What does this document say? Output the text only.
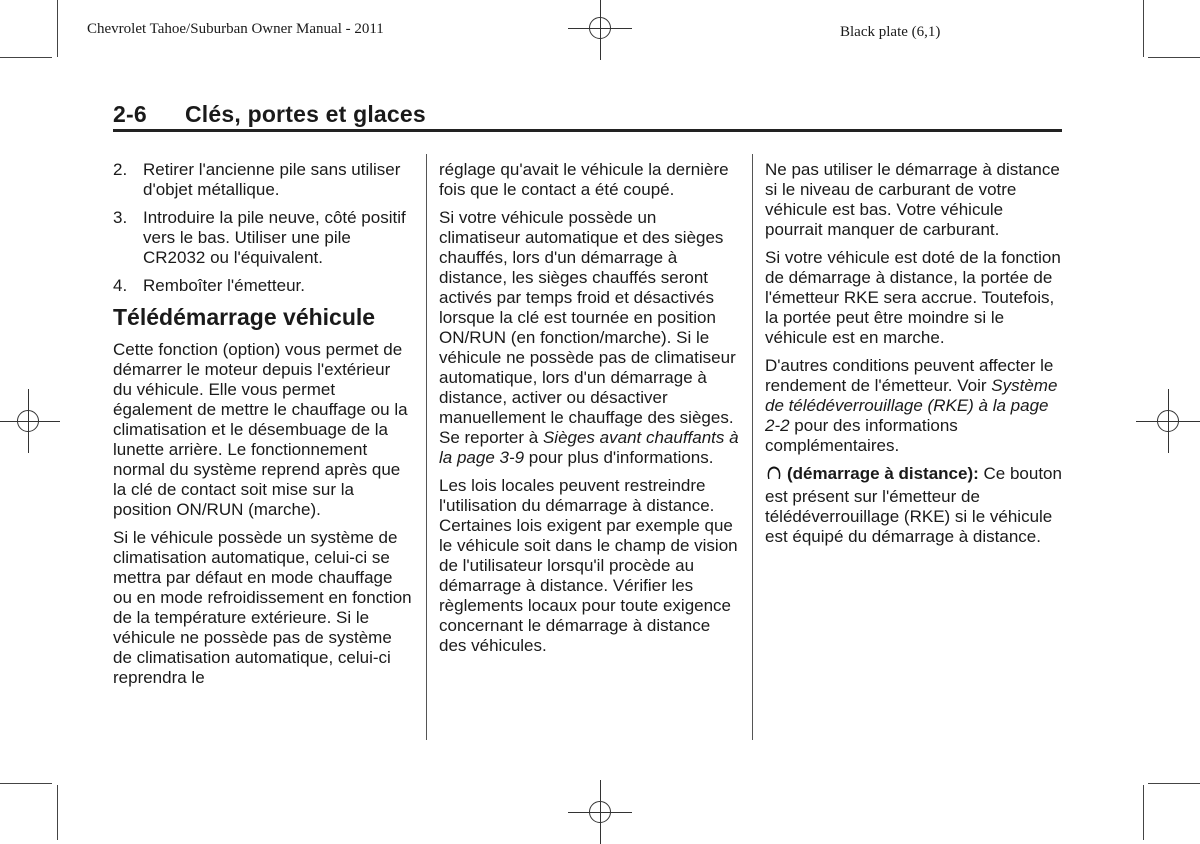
Chevrolet Tahoe/Suburban Owner Manual - 2011	Black plate (6,1)
2-6 Clés, portes et glaces
2. Retirer l'ancienne pile sans utiliser d'objet métallique.
3. Introduire la pile neuve, côté positif vers le bas. Utiliser une pile CR2032 ou l'équivalent.
4. Remboîter l'émetteur.
Télédémarrage véhicule

Cette fonction (option) vous permet de démarrer le moteur depuis l'extérieur du véhicule. Elle vous permet également de mettre le chauffage ou la climatisation et le désembuage de la lunette arrière. Le fonctionnement normal du système reprend après que la clé de contact soit mise sur la position ON/RUN (marche).

Si le véhicule possède un système de climatisation automatique, celui-ci se mettra par défaut en mode chauffage ou en mode refroidissement en fonction de la température extérieure. Si le véhicule ne possède pas de système de climatisation automatique, celui-ci reprendra le

réglage qu'avait le véhicule la dernière fois que le contact a été coupé.

Si votre véhicule possède un climatiseur automatique et des sièges chauffés, lors d'un démarrage à distance, les sièges chauffés seront activés par temps froid et désactivés lorsque la clé est tournée en position ON/RUN (en fonction/marche). Si le véhicule ne possède pas de climatiseur automatique, lors d'un démarrage à distance, activer ou désactiver manuellement le chauffage des sièges. Se reporter à Sièges avant chauffants à la page 3-9 pour plus d'informations.

Les lois locales peuvent restreindre l'utilisation du démarrage à distance. Certaines lois exigent par exemple que le véhicule soit dans le champ de vision de l'utilisateur lorsqu'il procède au démarrage à distance. Vérifier les règlements locaux pour toute exigence concernant le démarrage à distance des véhicules.

Ne pas utiliser le démarrage à distance si le niveau de carburant de votre véhicule est bas. Votre véhicule pourrait manquer de carburant.

Si votre véhicule est doté de la fonction de démarrage à distance, la portée de l'émetteur RKE sera accrue. Toutefois, la portée peut être moindre si le véhicule est en marche.

D'autres conditions peuvent affecter le rendement de l'émetteur. Voir Système de télédéverrouillage (RKE) à la page 2-2 pour des informations complémentaires.

(démarrage à distance): Ce bouton est présent sur l'émetteur de télédéverrouillage (RKE) si le véhicule est équipé du démarrage à distance.
